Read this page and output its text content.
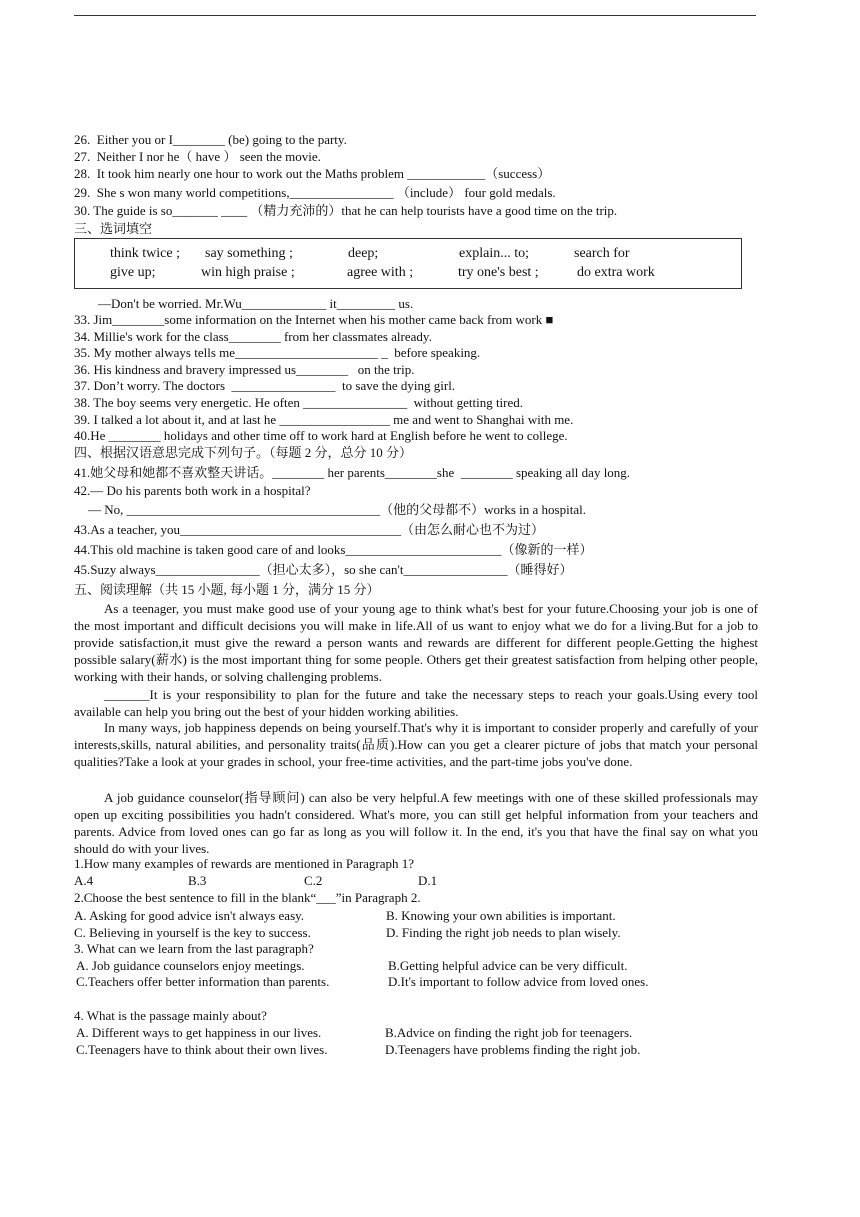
26.  Either you or I________ (be) going to the party.
27.  Neither I nor he（ have ） seen the movie.
28.  It took him nearly one hour to work out the Maths problem ____________（success）
29.  She s won many world competitions,________________ （include） four gold medals.
30. The guide is so_______ ____ （精力充沛的）that he can help tourists have a good time on the trip.
三、选词填空
think twice ; say something ;	deep;	explain... to;	search for
give up;	win high praise ;	agree with ;	try one's best ;	do extra work
—Don't be worried. Mr.Wu_____________ it_________ us.
33. Jim________some information on the Internet when his mother came back from work ■
34. Millie's work for the class________ from her classmates already.
35. My mother always tells me______________________ _  before speaking.
36. His kindness and bravery impressed us________   on the trip.
37. Don’t worry. The doctors  ________________  to save the dying girl.
38. The boy seems very energetic. He often ________________  without getting tired.
39. I talked a lot about it, and at last he _________________ me and went to Shanghai with me.
40.He ________ holidays and other time off to work hard at English before he went to college.
四、根据汉语意思完成下列句子。（每题 2 分，总分 10 分）
41.她父母和她都不喜欢整天讲话。________ her parents________she  ________ speaking all day long.
42.— Do his parents both work in a hospital?
— No, _______________________________________（他的父母都不）works in a hospital.
43.As a teacher, you__________________________________（由怎么耐心也不为过）
44.This old machine is taken good care of and looks________________________（像新的一样）
45.Suzy always________________（担心太多），so she can't________________（睡得好）
五、阅读理解（共 15 小题, 每小题 1 分，满分 15 分）
As a teenager, you must make good use of your young age to think what's best for your future.Choosing your job is one of the most important and difficult decisions you will make in life.All of us want to enjoy what we do for a living.But for a job to provide satisfaction,it must give the reward a person wants and rewards are different for different people.Getting the highest possible salary(薪水) is the most important thing for some people. Others get their greatest satisfaction from helping other people, working with their hands, or solving challenging problems.
_______It is your responsibility to plan for the future and take the necessary steps to reach your goals.Using every tool available can help you bring out the best of your hidden working abilities.
In many ways, job happiness depends on being yourself.That's why it is important to consider properly and carefully of your interests,skills, natural abilities, and personality traits(品质).How can you get a clearer picture of jobs that match your personal qualities?Take a look at your grades in school, your free-time activities, and the part-time jobs you've done.
A job guidance counselor(指导顾问) can also be very helpful.A few meetings with one of these skilled professionals may open up exciting possibilities you hadn't considered. What's more, you can still get helpful information from your teachers and parents. Advice from loved ones can go far as long as you will follow it. In the end, it's you that have the final say on what you should do with your lives.
1.How many examples of rewards are mentioned in Paragraph 1?
A.4	B.3	C.2	D.1
2.Choose the best sentence to fill in the blank“___”in Paragraph 2.
A. Asking for good advice isn't always easy.	B. Knowing your own abilities is important.
C. Believing in yourself is the key to success.	D. Finding the right job needs to plan wisely.
3. What can we learn from the last paragraph?
A. Job guidance counselors enjoy meetings.	B.Getting helpful advice can be very difficult.
C.Teachers offer better information than parents.	D.It's important to follow advice from loved ones.
4. What is the passage mainly about?
A. Different ways to get happiness in our lives.	B.Advice on finding the right job for teenagers.
C.Teenagers have to think about their own lives.	D.Teenagers have problems finding the right job.
